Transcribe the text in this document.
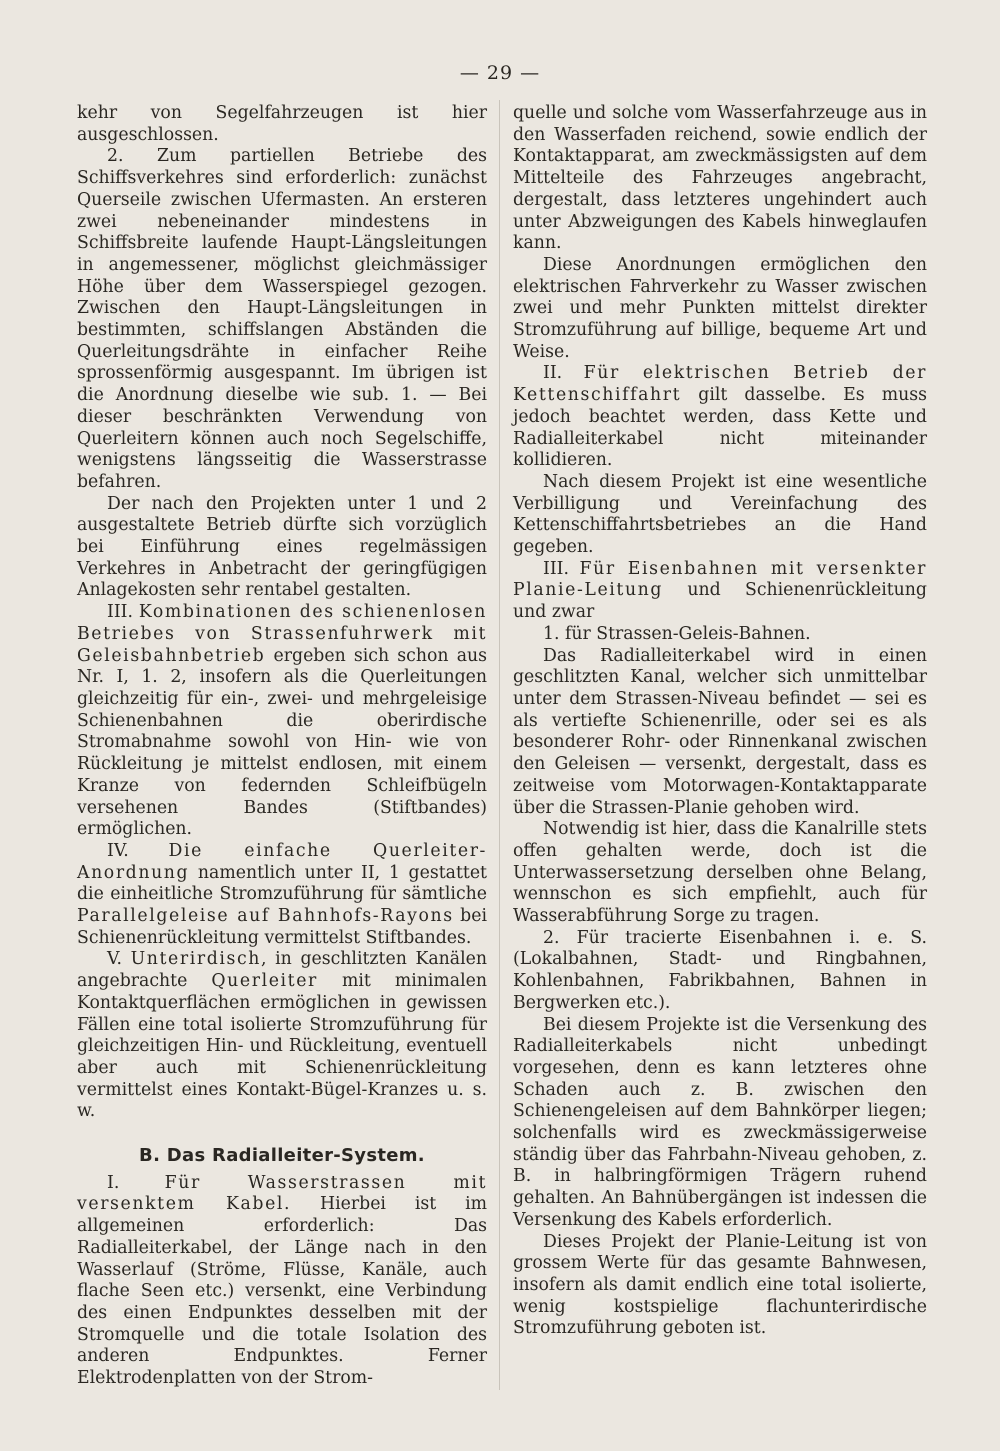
— 29 —

kehr von Segelfahrzeugen ist hier ausgeschlossen.

2. Zum partiellen Betriebe des Schiffsverkehres sind erforderlich: zunächst Querseile zwischen Ufermasten. An ersteren zwei nebeneinander mindestens in Schiffsbreite laufende Haupt-Längsleitungen in angemessener, möglichst gleichmässiger Höhe über dem Wasserspiegel gezogen. Zwischen den Haupt-Längsleitungen in bestimmten, schiffslangen Abständen die Querleitungsdrähte in einfacher Reihe sprossenförmig ausgespannt. Im übrigen ist die Anordnung dieselbe wie sub. 1. — Bei dieser beschränkten Verwendung von Querleitern können auch noch Segelschiffe, wenigstens längsseitig die Wasserstrasse befahren.

Der nach den Projekten unter 1 und 2 ausgestaltete Betrieb dürfte sich vorzüglich bei Einführung eines regelmässigen Verkehres in Anbetracht der geringfügigen Anlagekosten sehr rentabel gestalten.

III. Kombinationen des schienenlosen Betriebes von Strassenfuhrwerk mit Geleisbahnbetrieb ergeben sich schon aus Nr. I, 1. 2, insofern als die Querleitungen gleichzeitig für ein-, zwei- und mehrgeleisige Schienenbahnen die oberirdische Stromabnahme sowohl von Hin- wie von Rückleitung je mittelst endlosen, mit einem Kranze von federnden Schleifbügeln versehenen Bandes (Stiftbandes) ermöglichen.

IV. Die einfache Querleiter-Anordnung namentlich unter II, 1 gestattet die einheitliche Stromzuführung für sämtliche Parallelgeleise auf Bahnhofs-Rayons bei Schienenrückleitung vermittelst Stiftbandes.

V. Unterirdisch, in geschlitzten Kanälen angebrachte Querleiter mit minimalen Kontaktquerflächen ermöglichen in gewissen Fällen eine total isolierte Stromzuführung für gleichzeitigen Hin- und Rückleitung, eventuell aber auch mit Schienenrückleitung vermittelst eines Kontakt-Bügel-Kranzes u. s. w.

B. Das Radialleiter-System.

I. Für Wasserstrassen mit versenktem Kabel. Hierbei ist im allgemeinen erforderlich: Das Radialleiterkabel, der Länge nach in den Wasserlauf (Ströme, Flüsse, Kanäle, auch flache Seen etc.) versenkt, eine Verbindung des einen Endpunktes desselben mit der Stromquelle und die totale Isolation des anderen Endpunktes. Ferner Elektrodenplatten von der Strom-

quelle und solche vom Wasserfahrzeuge aus in den Wasserfaden reichend, sowie endlich der Kontaktapparat, am zweckmässigsten auf dem Mittelteile des Fahrzeuges angebracht, dergestalt, dass letzteres ungehindert auch unter Abzweigungen des Kabels hinweglaufen kann.

Diese Anordnungen ermöglichen den elektrischen Fahrverkehr zu Wasser zwischen zwei und mehr Punkten mittelst direkter Stromzuführung auf billige, bequeme Art und Weise.

II. Für elektrischen Betrieb der Kettenschiffahrt gilt dasselbe. Es muss jedoch beachtet werden, dass Kette und Radialleiterkabel nicht miteinander kollidieren.

Nach diesem Projekt ist eine wesentliche Verbilligung und Vereinfachung des Kettenschiffahrtsbetriebes an die Hand gegeben.

III. Für Eisenbahnen mit versenkter Planie-Leitung und Schienenrückleitung und zwar

1. für Strassen-Geleis-Bahnen.

Das Radialleiterkabel wird in einen geschlitzten Kanal, welcher sich unmittelbar unter dem Strassen-Niveau befindet — sei es als vertiefte Schienenrille, oder sei es als besonderer Rohr- oder Rinnenkanal zwischen den Geleisen — versenkt, dergestalt, dass es zeitweise vom Motorwagen-Kontaktapparate über die Strassen-Planie gehoben wird.

Notwendig ist hier, dass die Kanalrille stets offen gehalten werde, doch ist die Unterwassersetzung derselben ohne Belang, wennschon es sich empfiehlt, auch für Wasserabführung Sorge zu tragen.

2. Für tracierte Eisenbahnen i. e. S. (Lokalbahnen, Stadt- und Ringbahnen, Kohlenbahnen, Fabrikbahnen, Bahnen in Bergwerken etc.).

Bei diesem Projekte ist die Versenkung des Radialleiterkabels nicht unbedingt vorgesehen, denn es kann letzteres ohne Schaden auch z. B. zwischen den Schienengeleisen auf dem Bahnkörper liegen; solchenfalls wird es zweckmässigerweise ständig über das Fahrbahn-Niveau gehoben, z. B. in halbringförmigen Trägern ruhend gehalten. An Bahnübergängen ist indessen die Versenkung des Kabels erforderlich.

Dieses Projekt der Planie-Leitung ist von grossem Werte für das gesamte Bahnwesen, insofern als damit endlich eine total isolierte, wenig kostspielige flachunterirdische Stromzuführung geboten ist.
